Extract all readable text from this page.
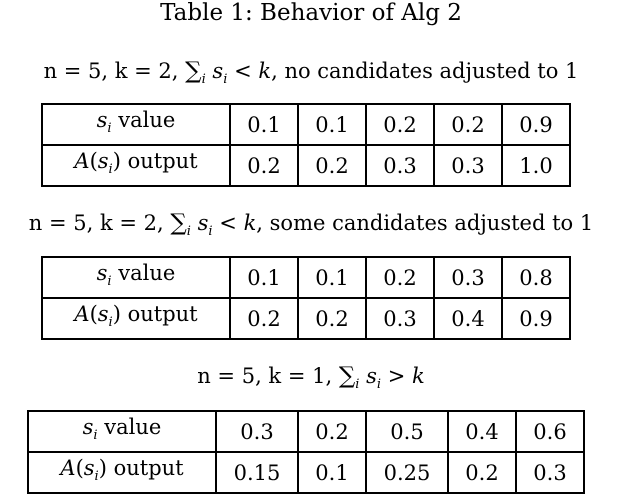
Table 1: Behavior of Alg 2
n = 5, k = 2, $\sum_i$ $s_i < k$, no candidates adjusted to 1
$s_i$ value	0.1	0.1	0.2	0.2	0.9
$A(s_i)$ output	0.2	0.2	0.3	0.3	1.0
n = 5, k = 2, $\sum_i$ $s_i < k$, some candidates adjusted to 1
$s_i$ value	0.1	0.1	0.2	0.3	0.8
$A(s_i)$ output	0.2	0.2	0.3	0.4	0.9
n = 5, k = 1, $\sum_i$ $s_i > k$
$s_i$ value	0.3	0.2	0.5	0.4	0.6
$A(s_i)$ output	0.15	0.1	0.25	0.2	0.3
